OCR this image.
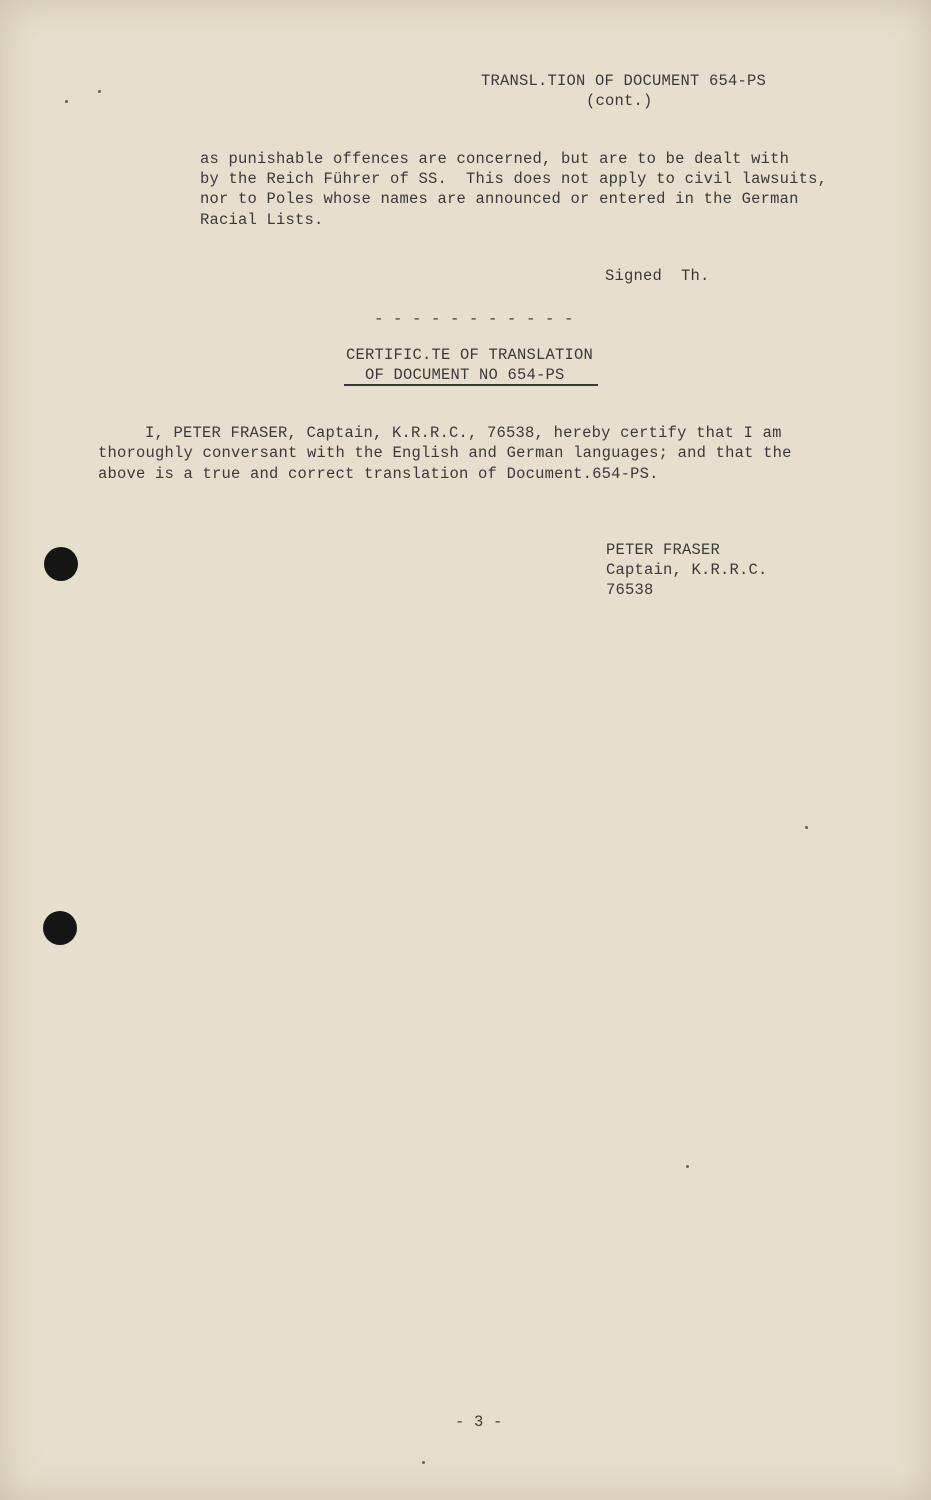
TRANSL.TION OF DOCUMENT 654-PS
(cont.)
as punishable offences are concerned, but are to be dealt with
by the Reich Führer of SS.  This does not apply to civil lawsuits,
nor to Poles whose names are announced or entered in the German
Racial Lists.
Signed  Th.
- - - - - - - - - - -
CERTIFIC.TE OF TRANSLATION
OF DOCUMENT NO 654-PS
I, PETER FRASER, Captain, K.R.R.C., 76538, hereby certify that I am
thoroughly conversant with the English and German languages; and that the
above is a true and correct translation of Document.654-PS.
PETER FRASER
Captain, K.R.R.C.
76538
- 3 -
